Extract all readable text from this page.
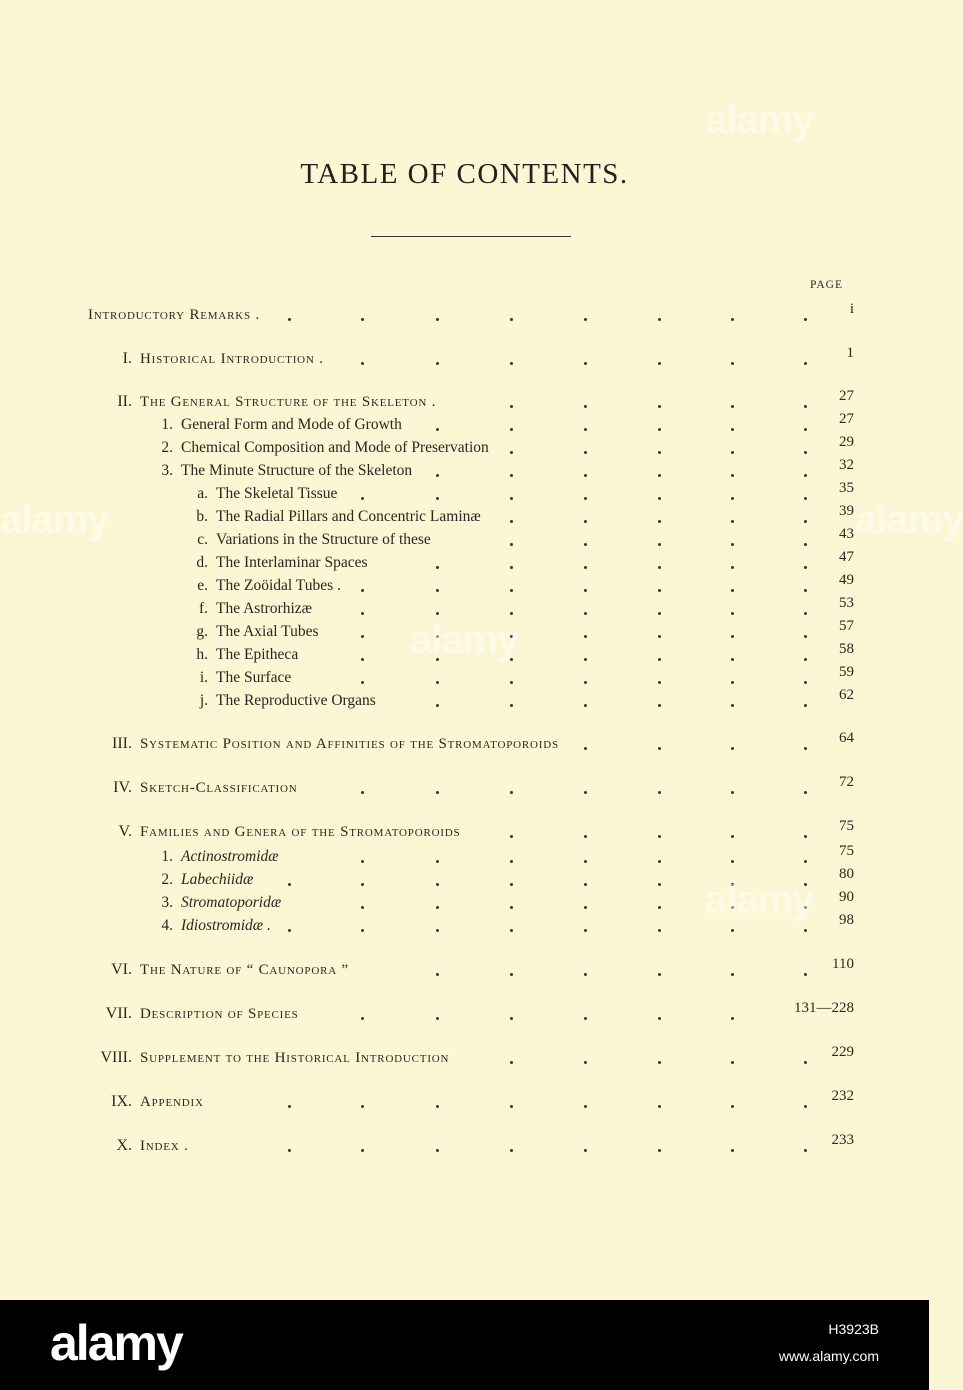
TABLE OF CONTENTS.
PAGE
Introductory Remarks .	i
I. Historical Introduction .	1
II. The General Structure of the Skeleton .	27
1. General Form and Mode of Growth	27
2. Chemical Composition and Mode of Preservation	29
3. The Minute Structure of the Skeleton	32
a. The Skeletal Tissue	35
b. The Radial Pillars and Concentric Laminæ	39
c. Variations in the Structure of these	43
d. The Interlaminar Spaces	47
e. The Zoöidal Tubes .	49
f. The Astrorhizæ	53
g. The Axial Tubes	57
h. The Epitheca	58
i. The Surface	59
j. The Reproductive Organs	62
III. Systematic Position and Affinities of the Stromatoporoids	64
IV. Sketch-Classification	72
V. Families and Genera of the Stromatoporoids	75
1. Actinostromidæ	75
2. Labechiidæ	80
3. Stromatoporidæ	90
4. Idiostromidæ .	98
VI. The Nature of “ Caunopora ”	110
VII. Description of Species	131—228
VIII. Supplement to the Historical Introduction	229
IX. Appendix	232
X. Index .	233
alamy
alamy
alamy
alamy
alamy
alamy	H3923B
www.alamy.com
